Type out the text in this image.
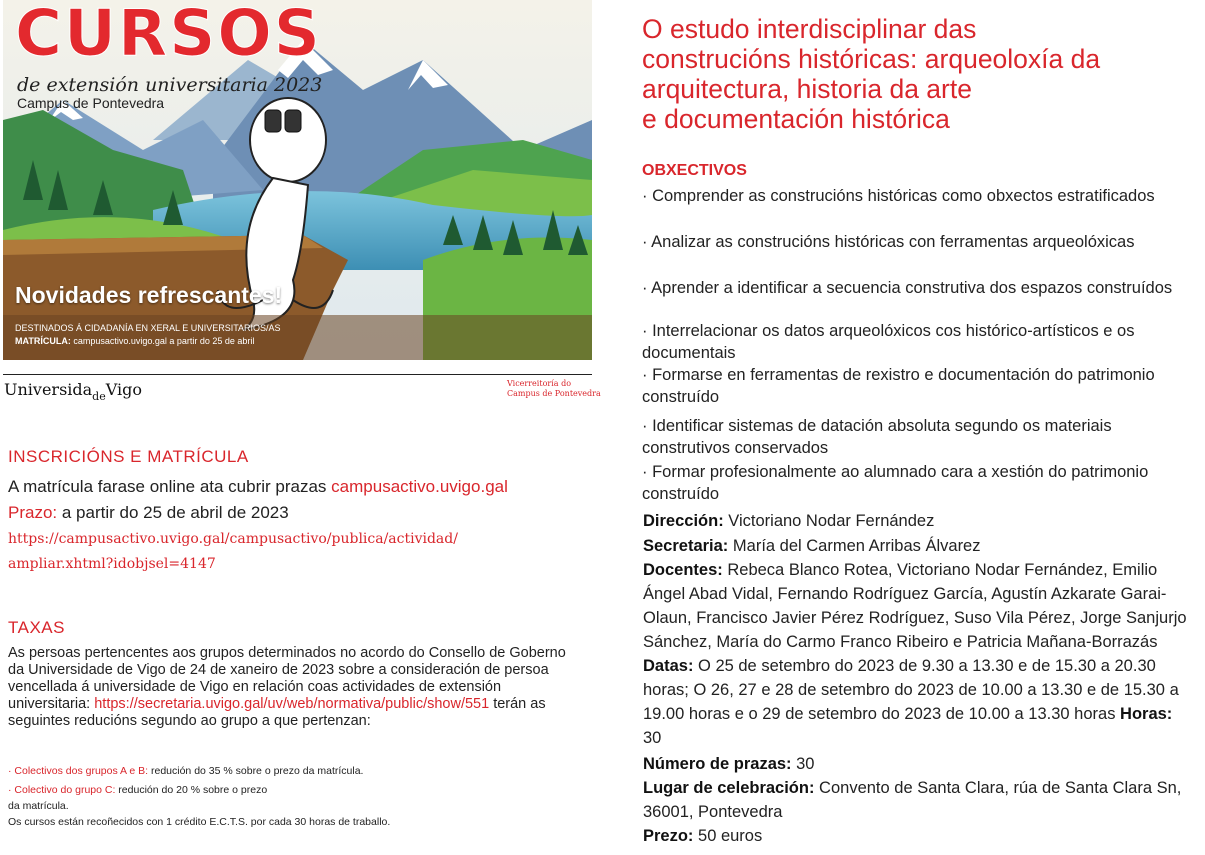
CURSOS
de extensión universitaria 2023
Campus de Pontevedra
Novidades refrescantes!
DESTINADOS Á CIDADANÍA EN XERAL E UNIVERSITARIOS/AS
MATRÍCULA: campusactivo.uvigo.gal a partir do 25 de abril
Universida$_{de}$Vigo	Vicerreitoría do
Campus de Pontevedra
INSCRICIÓNS E MATRÍCULA
A matrícula farase online ata cubrir prazas campusactivo.uvigo.gal
Prazo: a partir do 25 de abril de 2023
https://campusactivo.uvigo.gal/campusactivo/publica/actividad/
ampliar.xhtml?idobjsel=4147
TAXAS
As persoas pertencentes aos grupos determinados no acordo do Consello de Goberno da Universidade de Vigo de 24 de xaneiro de 2023 sobre a consideración de persoa vencellada á universidade de Vigo en relación coas actividades de extensión universitaria: https://secretaria.uvigo.gal/uv/web/normativa/public/show/551 terán as seguintes reducións segundo ao grupo a que pertenzan:
· Colectivos dos grupos A e B: redución do 35 % sobre o prezo da matrícula.
· Colectivo do grupo C: redución do 20 % sobre o prezo
da matrícula.
Os cursos están recoñecidos con 1 crédito E.C.T.S. por cada 30 horas de traballo.
O estudo interdisciplinar das
construcións históricas: arqueoloxía da
arquitectura, historia da arte
e documentación histórica
OBXECTIVOS
· Comprender as construcións históricas como obxectos estratificados
· Analizar as construcións históricas con ferramentas arqueolóxicas
· Aprender a identificar a secuencia construtiva dos espazos construídos
· Interrelacionar os datos arqueolóxicos cos histórico-artísticos e os documentais
· Formarse en ferramentas de rexistro e documentación do patrimonio construído
· Identificar sistemas de datación absoluta segundo os materiais construtivos conservados
· Formar profesionalmente ao alumnado cara a xestión do patrimonio construído
Dirección: Victoriano Nodar Fernández
Secretaria: María del Carmen Arribas Álvarez
Docentes: Rebeca Blanco Rotea, Victoriano Nodar Fernández, Emilio Ángel Abad Vidal, Fernando Rodríguez García, Agustín Azkarate Garai-Olaun, Francisco Javier Pérez Rodríguez, Suso Vila Pérez, Jorge Sanjurjo Sánchez, María do Carmo Franco Ribeiro e Patricia Mañana-Borrazás Datas: O 25 de setembro do 2023 de 9.30 a 13.30 e de 15.30 a 20.30 horas; O 26, 27 e 28 de setembro do 2023 de 10.00 a 13.30 e de 15.30 a 19.00 horas e o 29 de setembro do 2023 de 10.00 a 13.30 horas Horas: 30
Número de prazas: 30
Lugar de celebración: Convento de Santa Clara, rúa de Santa Clara Sn, 36001, Pontevedra
Prezo: 50 euros
